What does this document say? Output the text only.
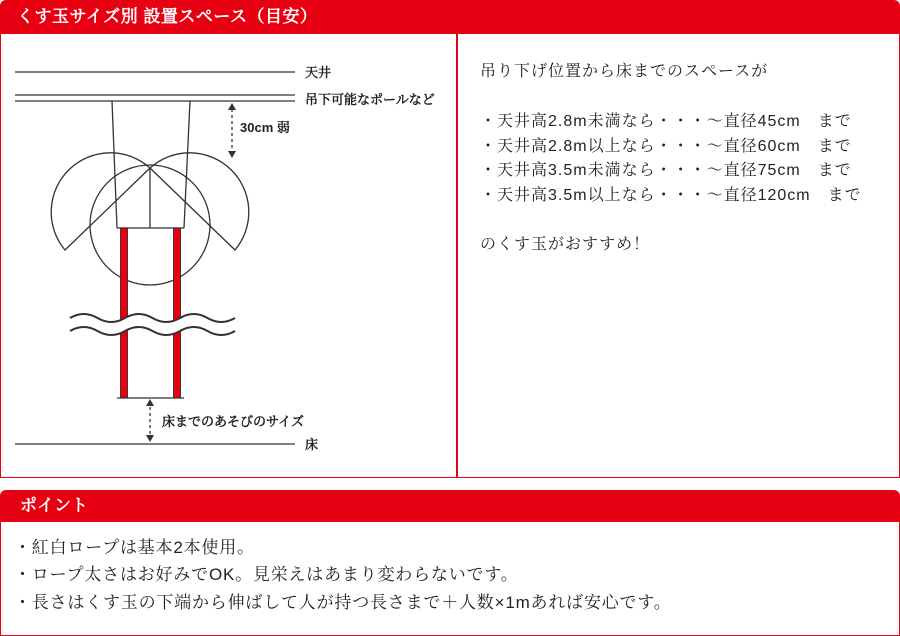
くす玉サイズ別 設置スペース（目安）
天井
吊下可能なポールなど
30cm 弱
床までのあそびのサイズ
床
吊り下げ位置から床までのスペースが
・天井高2.8m未満なら・・・〜直径45cm　まで
・天井高2.8m以上なら・・・〜直径60cm　まで
・天井高3.5m未満なら・・・〜直径75cm　まで
・天井高3.5m以上なら・・・〜直径120cm　まで
のくす玉がおすすめ！
ポイント
・紅白ロープは基本2本使用。
・ロープ太さはお好みでOK。見栄えはあまり変わらないです。
・長さはくす玉の下端から伸ばして人が持つ長さまで＋人数×1mあれば安心です。
